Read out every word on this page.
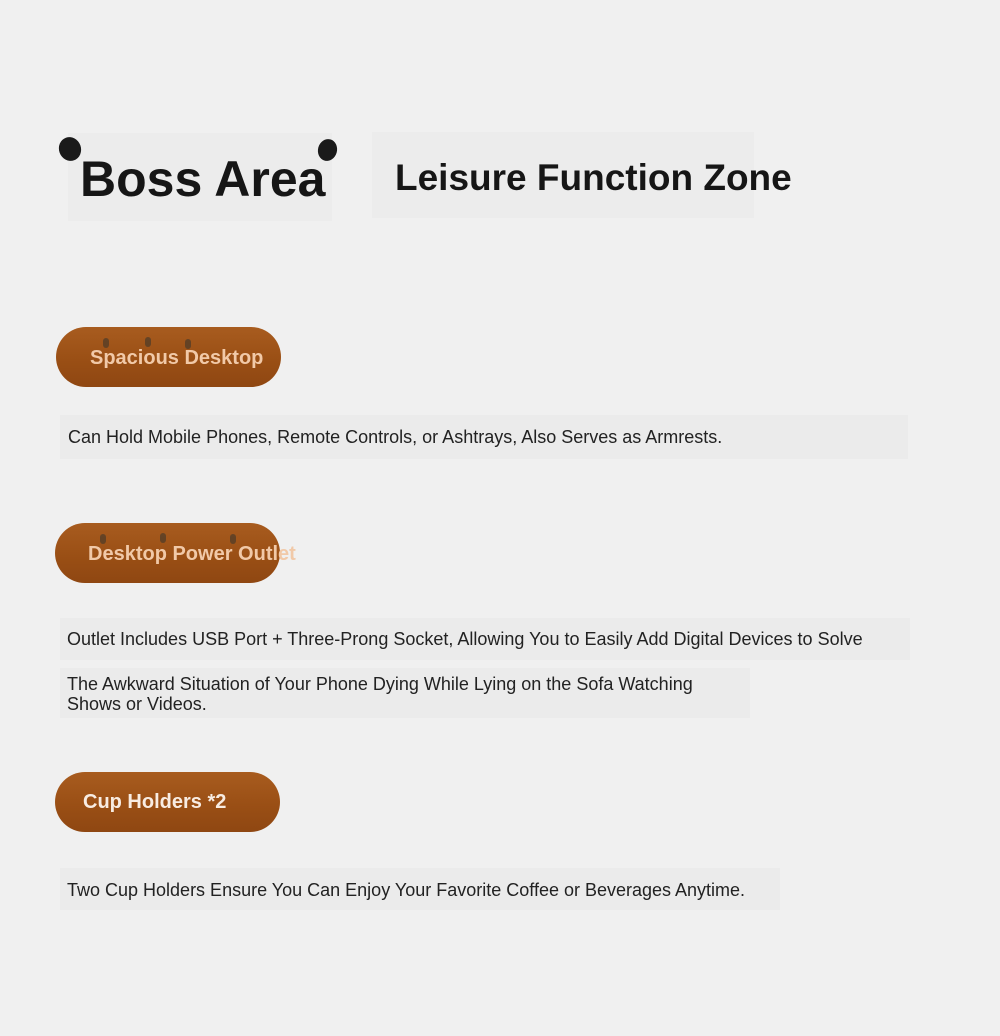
Boss Area Leisure Function Zone
Spacious Desktop
Can Hold Mobile Phones, Remote Controls, or Ashtrays, Also Serves as Armrests.
Desktop Power Outlet
Outlet Includes USB Port + Three-Prong Socket, Allowing You to Easily Add Digital Devices to Solve
The Awkward Situation of Your Phone Dying While Lying on the Sofa Watching
Shows or Videos.
Cup Holders *2
Two Cup Holders Ensure You Can Enjoy Your Favorite Coffee or Beverages Anytime.
